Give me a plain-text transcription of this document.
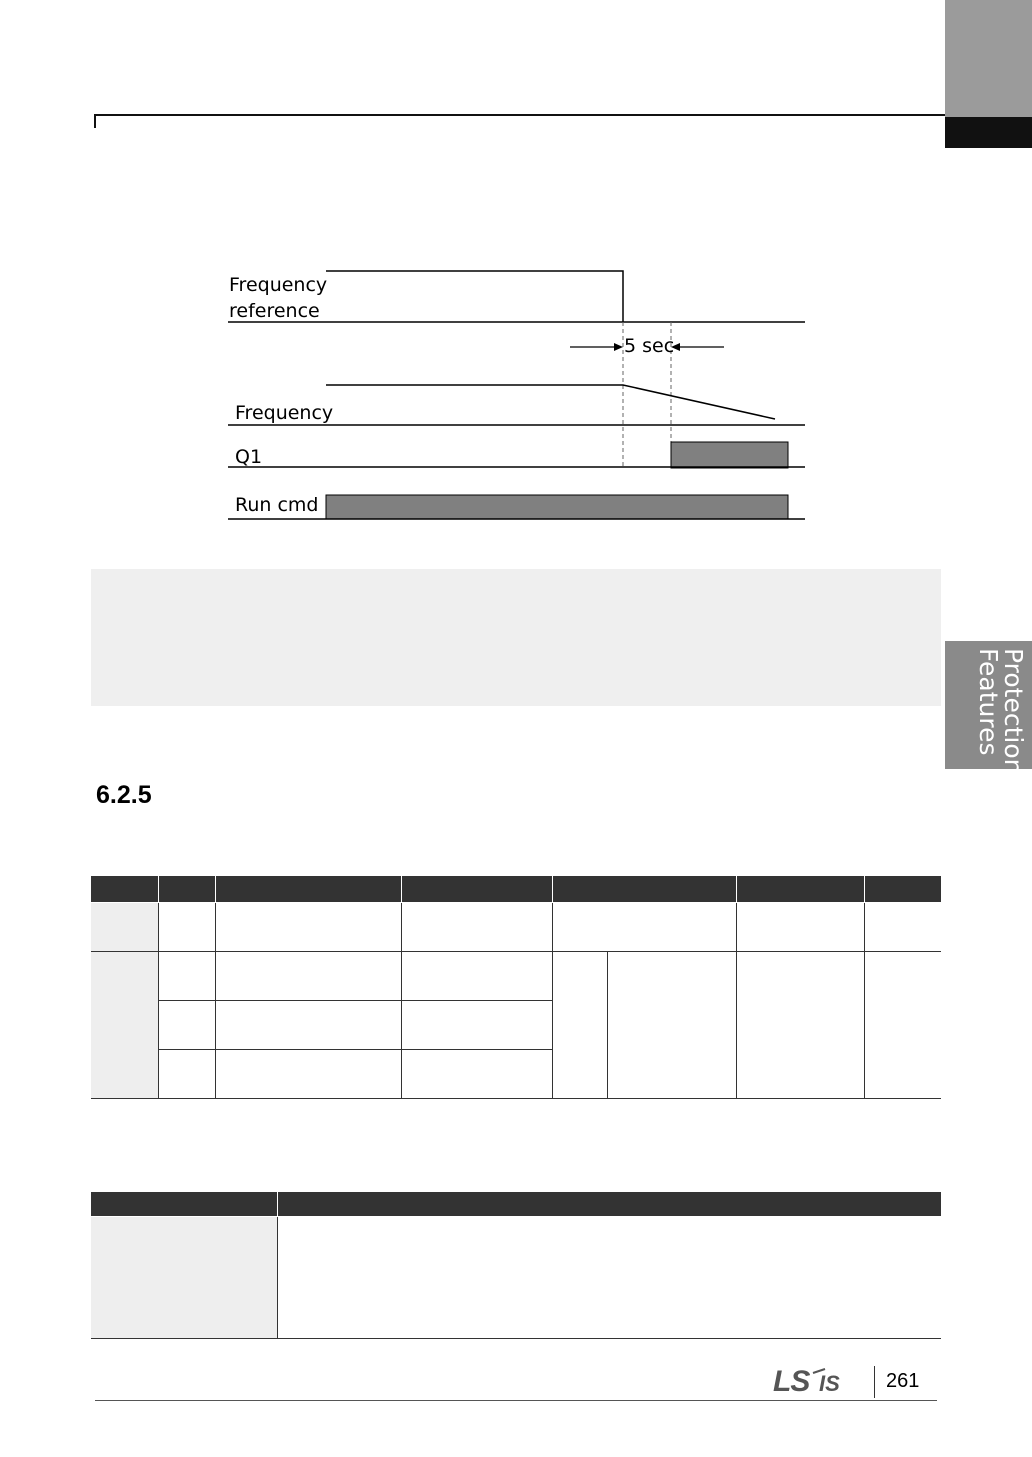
Frequency
reference
5 sec
Frequency
Q1
Run cmd
Protection
Features
6.2.5

LS IS 261
